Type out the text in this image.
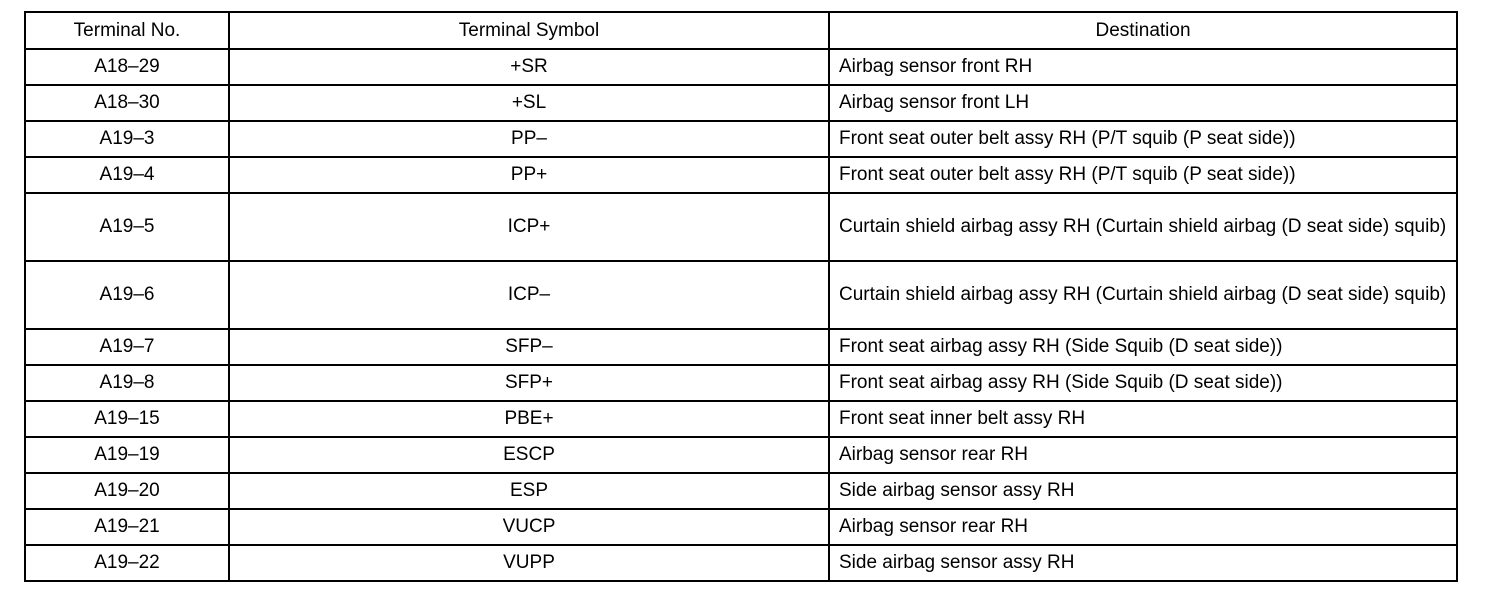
Terminal No.	Terminal Symbol	Destination
A18–29	+SR	Airbag sensor front RH
A18–30	+SL	Airbag sensor front LH
A19–3	PP–	Front seat outer belt assy RH (P/T squib (P seat side))
A19–4	PP+	Front seat outer belt assy RH (P/T squib (P seat side))
A19–5	ICP+	Curtain shield airbag assy RH (Curtain shield airbag (D seat side) squib)
A19–6	ICP–	Curtain shield airbag assy RH (Curtain shield airbag (D seat side) squib)
A19–7	SFP–	Front seat airbag assy RH (Side Squib (D seat side))
A19–8	SFP+	Front seat airbag assy RH (Side Squib (D seat side))
A19–15	PBE+	Front seat inner belt assy RH
A19–19	ESCP	Airbag sensor rear RH
A19–20	ESP	Side airbag sensor assy RH
A19–21	VUCP	Airbag sensor rear RH
A19–22	VUPP	Side airbag sensor assy RH
